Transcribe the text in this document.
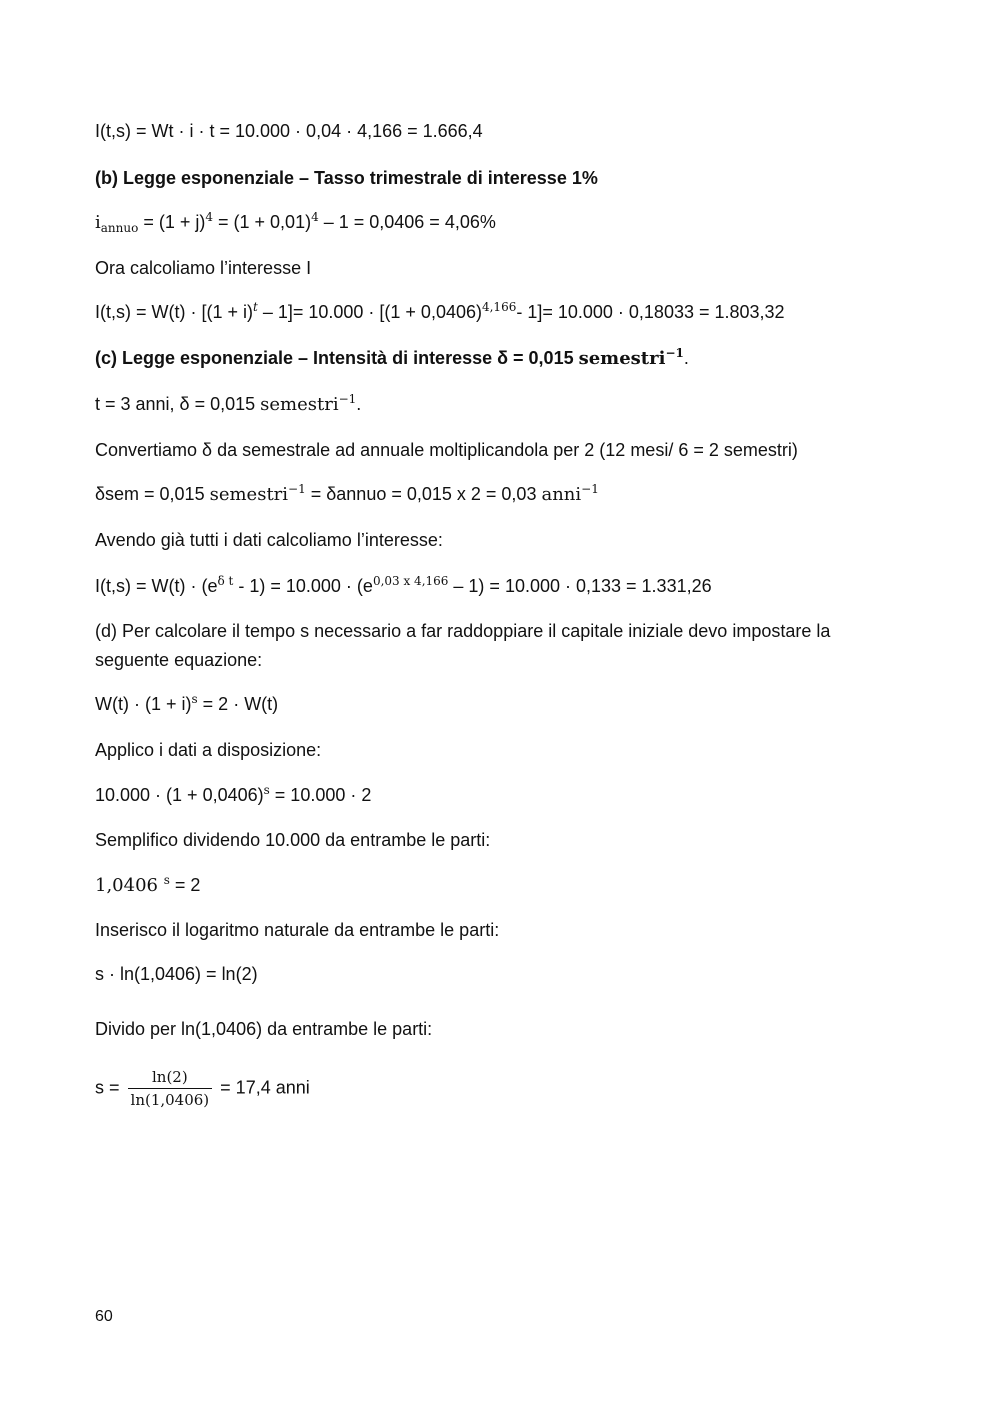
I(t,s) = Wt · i · t = 10.000 · 0,04 · 4,166 = 1.666,4
(b) Legge esponenziale – Tasso trimestrale di interesse 1%
$i_{annuo} = (1 + j)^4 = (1 + 0,01)^4 - 1 = 0,0406 = 4,06\%$
Ora calcoliamo l’interesse I
$I(t,s) = W(t) \cdot [(1 + i)^t - 1]= 10.000 \cdot [(1 + 0,0406)^{4,166}-$ 1]= 10.000 · 0,18033 = 1.803,32
(c) Legge esponenziale – Intensità di interesse δ = 0,015 semestri$^{-1}$.
t = 3 anni, δ = 0,015 semestri$^{-1}$.
Convertiamo δ da semestrale ad annuale moltiplicandola per 2 (12 mesi/ 6 = 2 semestri)
δsem = 0,015 semestri$^{-1}$ = δannuo = 0,015 x 2 = 0,03 anni$^{-1}$
Avendo già tutti i dati calcoliamo l’interesse:
$I(t,s) = W(t) \cdot (e^{\delta t} - 1) = 10.000 \cdot (e^{0,03 x 4,166} - 1) = 10.000 \cdot 0,133 = 1.331,26$
(d) Per calcolare il tempo s necessario a far raddoppiare il capitale iniziale devo impostare la
seguente equazione:
$W(t) \cdot (1 + i)^s = 2 \cdot W(t)$
Applico i dati a disposizione:
$10.000 \cdot (1 + 0,0406)^s = 10.000 \cdot 2$
Semplifico dividendo 10.000 da entrambe le parti:
1,0406 $^s$ = 2
Inserisco il logaritmo naturale da entrambe le parti:
s · ln(1,0406) = ln(2)
Divido per ln(1,0406) da entrambe le parti:
$s = \frac{\ln(2)}{\ln(1,0406)} = 17,4$ anni
60
